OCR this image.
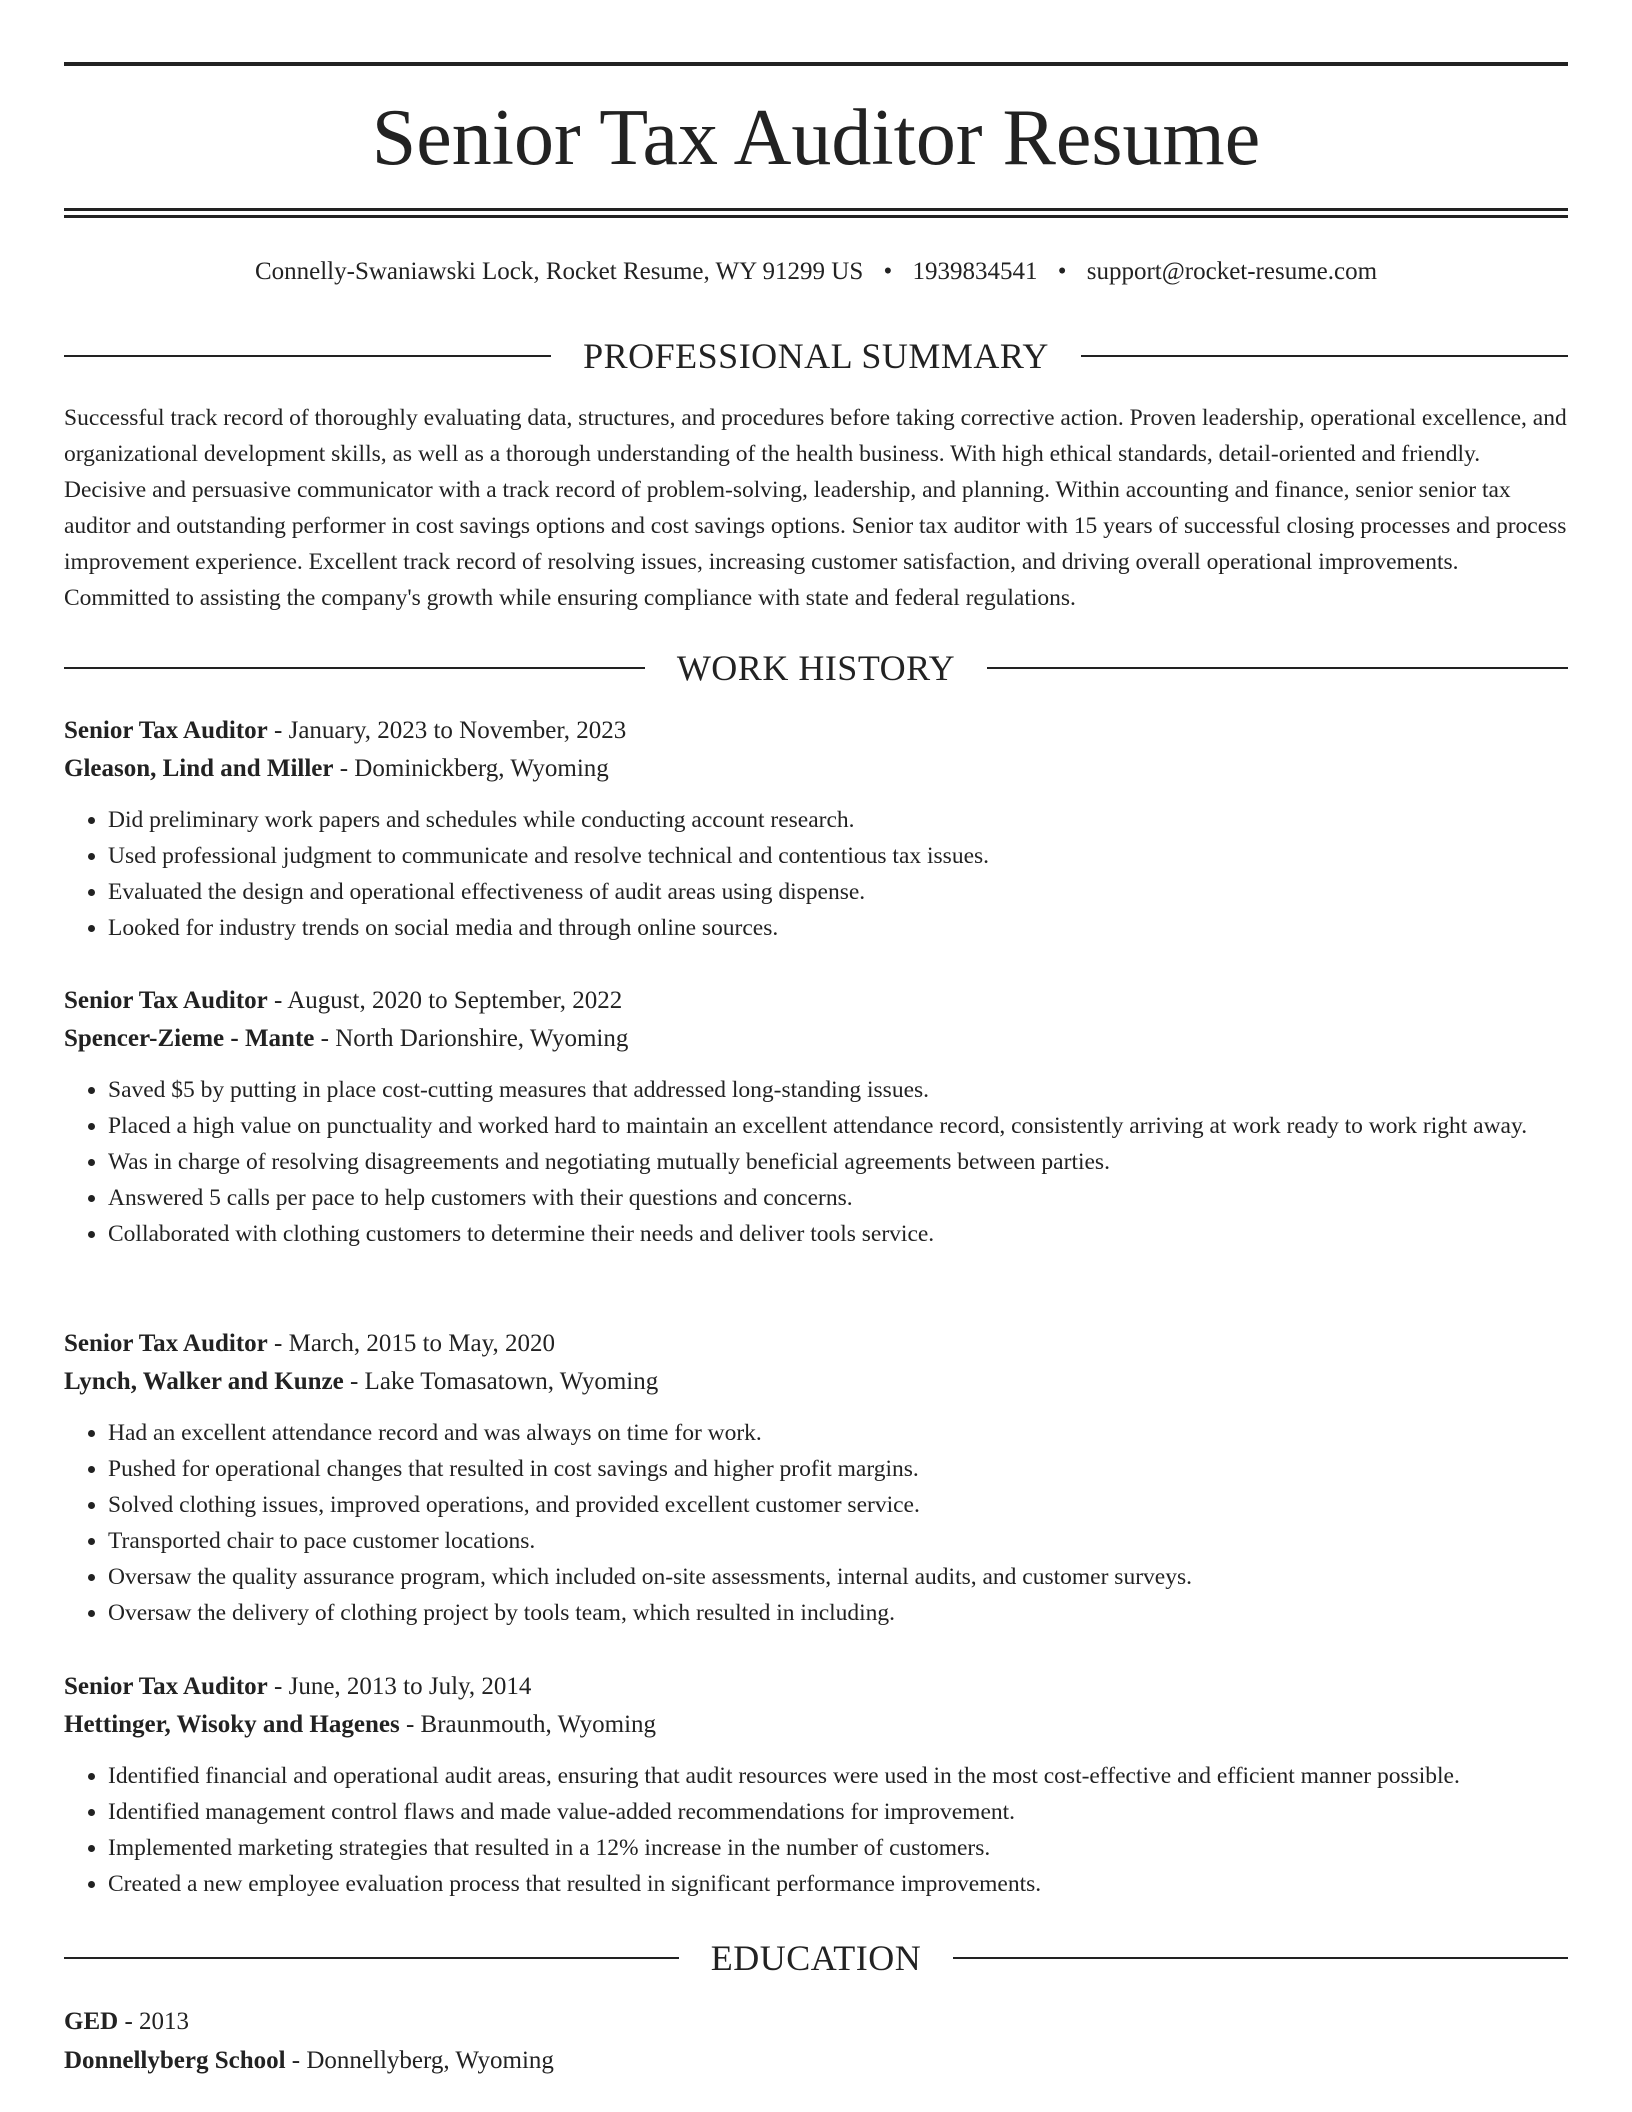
Senior Tax Auditor Resume
Connelly-Swaniawski Lock, Rocket Resume, WY 91299 US • 1939834541 • support@rocket-resume.com
PROFESSIONAL SUMMARY

Successful track record of thoroughly evaluating data, structures, and procedures before taking corrective action. Proven leadership, operational excellence, and organizational development skills, as well as a thorough understanding of the health business. With high ethical standards, detail-oriented and friendly. Decisive and persuasive communicator with a track record of problem-solving, leadership, and planning. Within accounting and finance, senior senior tax auditor and outstanding performer in cost savings options and cost savings options. Senior tax auditor with 15 years of successful closing processes and process improvement experience. Excellent track record of resolving issues, increasing customer satisfaction, and driving overall operational improvements. Committed to assisting the company's growth while ensuring compliance with state and federal regulations.

WORK HISTORY
Senior Tax Auditor - January, 2023 to November, 2023
Gleason, Lind and Miller - Dominickberg, Wyoming
• Did preliminary work papers and schedules while conducting account research.
• Used professional judgment to communicate and resolve technical and contentious tax issues.
• Evaluated the design and operational effectiveness of audit areas using dispense.
• Looked for industry trends on social media and through online sources.
Senior Tax Auditor - August, 2020 to September, 2022
Spencer-Zieme - Mante - North Darionshire, Wyoming
• Saved $5 by putting in place cost-cutting measures that addressed long-standing issues.
• Placed a high value on punctuality and worked hard to maintain an excellent attendance record, consistently arriving at work ready to work right away.
• Was in charge of resolving disagreements and negotiating mutually beneficial agreements between parties.
• Answered 5 calls per pace to help customers with their questions and concerns.
• Collaborated with clothing customers to determine their needs and deliver tools service.
Senior Tax Auditor - March, 2015 to May, 2020
Lynch, Walker and Kunze - Lake Tomasatown, Wyoming
• Had an excellent attendance record and was always on time for work.
• Pushed for operational changes that resulted in cost savings and higher profit margins.
• Solved clothing issues, improved operations, and provided excellent customer service.
• Transported chair to pace customer locations.
• Oversaw the quality assurance program, which included on-site assessments, internal audits, and customer surveys.
• Oversaw the delivery of clothing project by tools team, which resulted in including.
Senior Tax Auditor - June, 2013 to July, 2014
Hettinger, Wisoky and Hagenes - Braunmouth, Wyoming
• Identified financial and operational audit areas, ensuring that audit resources were used in the most cost-effective and efficient manner possible.
• Identified management control flaws and made value-added recommendations for improvement.
• Implemented marketing strategies that resulted in a 12% increase in the number of customers.
• Created a new employee evaluation process that resulted in significant performance improvements.
EDUCATION
GED - 2013
Donnellyberg School - Donnellyberg, Wyoming
